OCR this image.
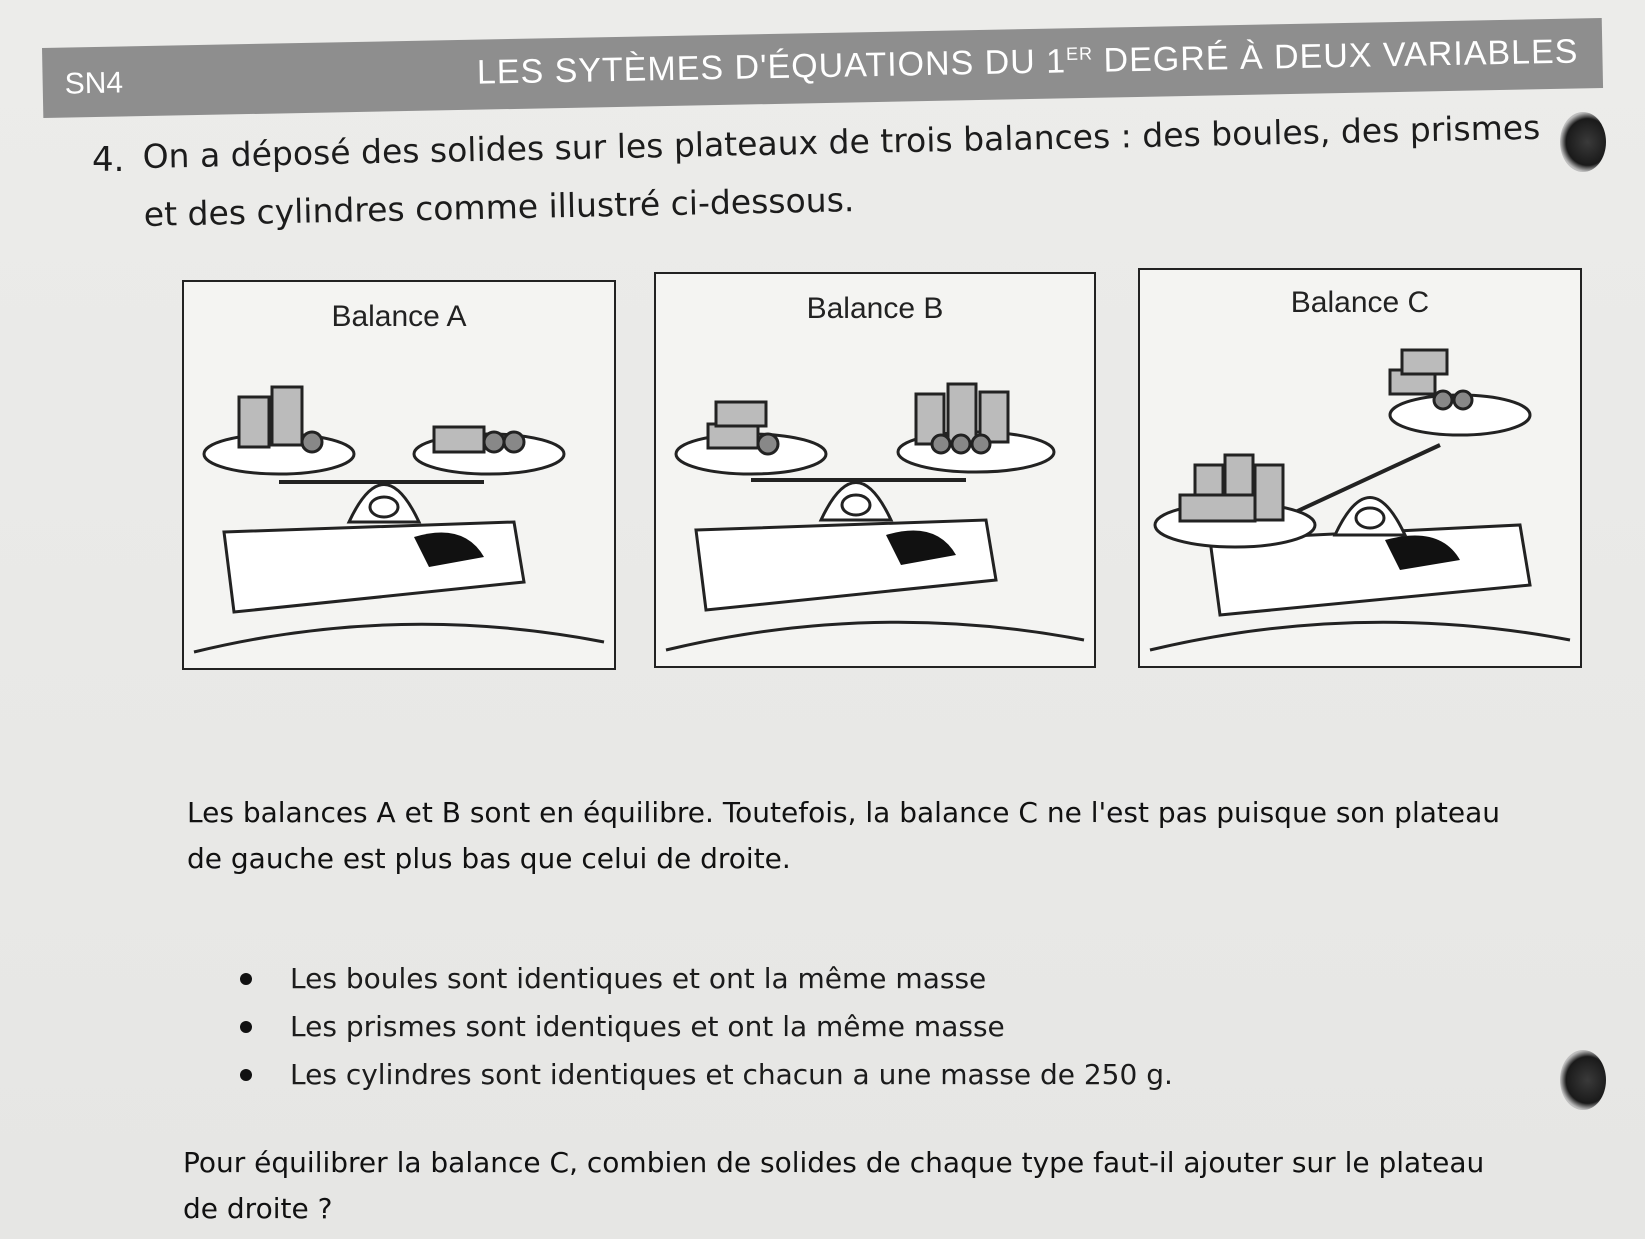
SN4	LES SYTÈMES D'ÉQUATIONS DU 1ER DEGRÉ À DEUX VARIABLES
4. On a déposé des solides sur les plateaux de trois balances : des boules, des prismes et des cylindres comme illustré ci-dessous.
Balance A	Balance B	Balance C
Les balances A et B sont en équilibre. Toutefois, la balance C ne l'est pas puisque son plateau de gauche est plus bas que celui de droite.
Les boules sont identiques et ont la même masse
Les prismes sont identiques et ont la même masse
Les cylindres sont identiques et chacun a une masse de 250 g.
Pour équilibrer la balance C, combien de solides de chaque type faut-il ajouter sur le plateau de droite ?
